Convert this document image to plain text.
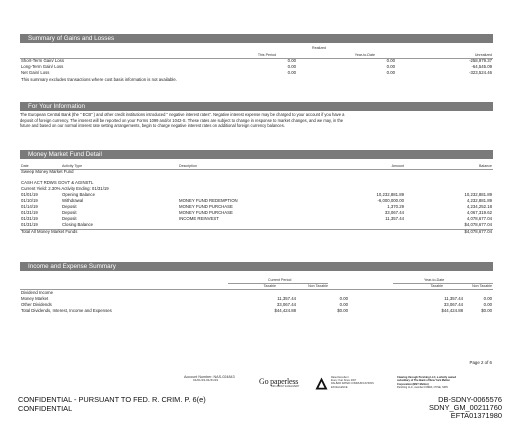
Summary of Gains and Losses
Realized
This Period	Year-to-Date	Unrealized
Short-Term Gain/ Loss	0.00	0.00	-258,979.37
Long-Term Gain/ Loss	0.00	0.00	-64,545.09
Net Gain/ Loss	0.00	0.00	-323,524.46
This summary excludes transactions where cost basis information is not available.
For Your Information
The European Central Bank (the " ECB" ) and other credit institutions introduced " negative interest rates". Negative interest expense may be charged to your account if you have a
deposit of foreign currency. The interest will be reported on your Forms 1099 and/or 1042-S. These rates are subject to change in response to market changes, and we may, in the
future and based on our normal interest rate setting arrangements, begin to charge negative interest rates on additional foreign currency balances.
Money Market Fund Detail
Date	Activity Type	Description	Amount	Balance
Sweep Money Market Fund
CASH ACT RDWS GOVT & AGINSTL
Current Yield: 2.30% Activity Ending: 01/31/19
01/01/19	Opening Balance	10,232,881.89	10,232,881.89
01/10/19	Withdrawal	MONEY FUND REDEMPTION	-6,000,000.00	4,232,881.89
01/14/19	Deposit	MONEY FUND PURCHASE	1,370.29	4,234,252.18
01/31/19	Deposit	MONEY FUND PURCHASE	33,067.44	4,067,319.62
01/31/19	Deposit	INCOME REINVEST	11,357.44	4,078,677.04
01/31/19	Closing Balance	$4,078,677.04
Total All Money Market Funds	$4,078,677.04
Income and Expense Summary
Current Period	Year-to-Date
Taxable	Non Taxable	Taxable	Non Taxable
Dividend Income
Money Market	11,357.44	0.00	11,357.44	0.00
Other Dividends	33,067.44	0.00	33,067.44	0.00
Total Dividends, Interest, Income and Expenses	$44,424.88	$0.00	$44,424.88	$0.00
Page 2 of 6
Account Number: NAS-024843
01/01/19-01/31/19	Go paperless
ASK ABOUT E-DELIVERY
Rated Excellent
Every Year Since 2007
DALBAR RATED COMMUNICATIONS
EXCELLENCE
Clearing through Pershing LLC, a wholly owned
subsidiary of The Bank of New York Mellon
Corporation (BNY Mellon)
Pershing LLC, member FINRA, NYSE, SIPC
CONFIDENTIAL - PURSUANT TO FED. R. CRIM. P. 6(e)
CONFIDENTIAL
DB-SDNY-0065576
SDNY_GM_00211760
EFTA01371980
